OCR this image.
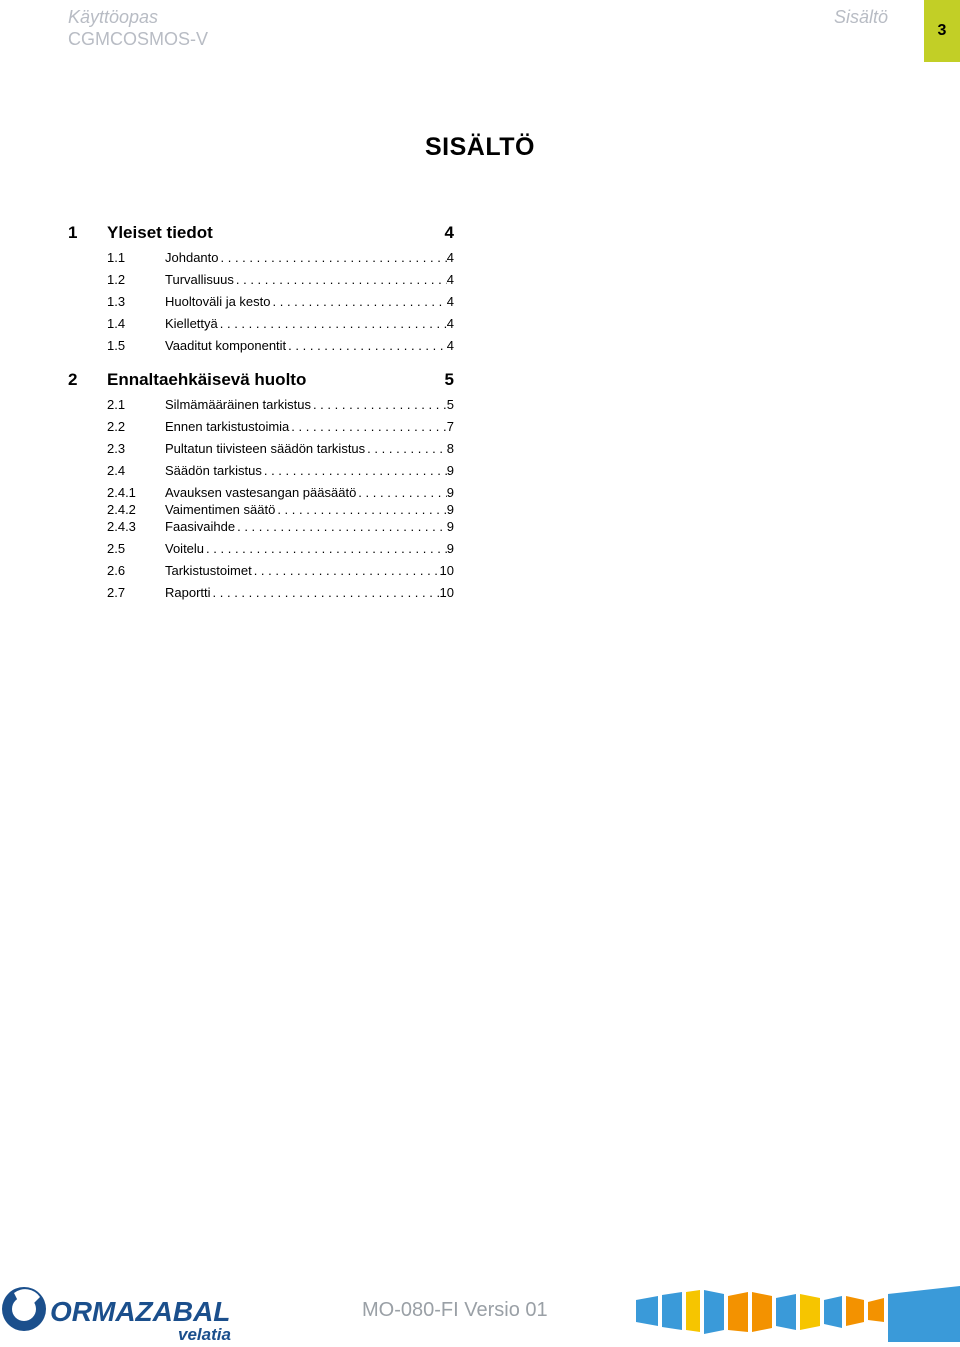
Käyttöopas
CGMCOSMOS-V
Sisältö
3
SISÄLTÖ
1	Yleiset tiedot	4
1.1	Johdanto . . .	4
1.2	Turvallisuus . . .	4
1.3	Huoltoväli ja kesto . . .	4
1.4	Kiellettyä . . .	4
1.5	Vaaditut komponentit . . .	4
2	Ennaltaehkäisevä huolto	5
2.1	Silmämääräinen tarkistus . . .	5
2.2	Ennen tarkistustoimia . . .	7
2.3	Pultatun tiivisteen säädön tarkistus . . .	8
2.4	Säädön tarkistus . . .	9
2.4.1	Avauksen vastesangan pääsäätö . . .	9
2.4.2	Vaimentimen säätö . . .	9
2.4.3	Faasivaihde . . .	9
2.5	Voitelu . . .	9
2.6	Tarkistustoimet . . .	10
2.7	Raportti . . .	10
ORMAZABAL
velatia
MO-080-FI Versio 01
